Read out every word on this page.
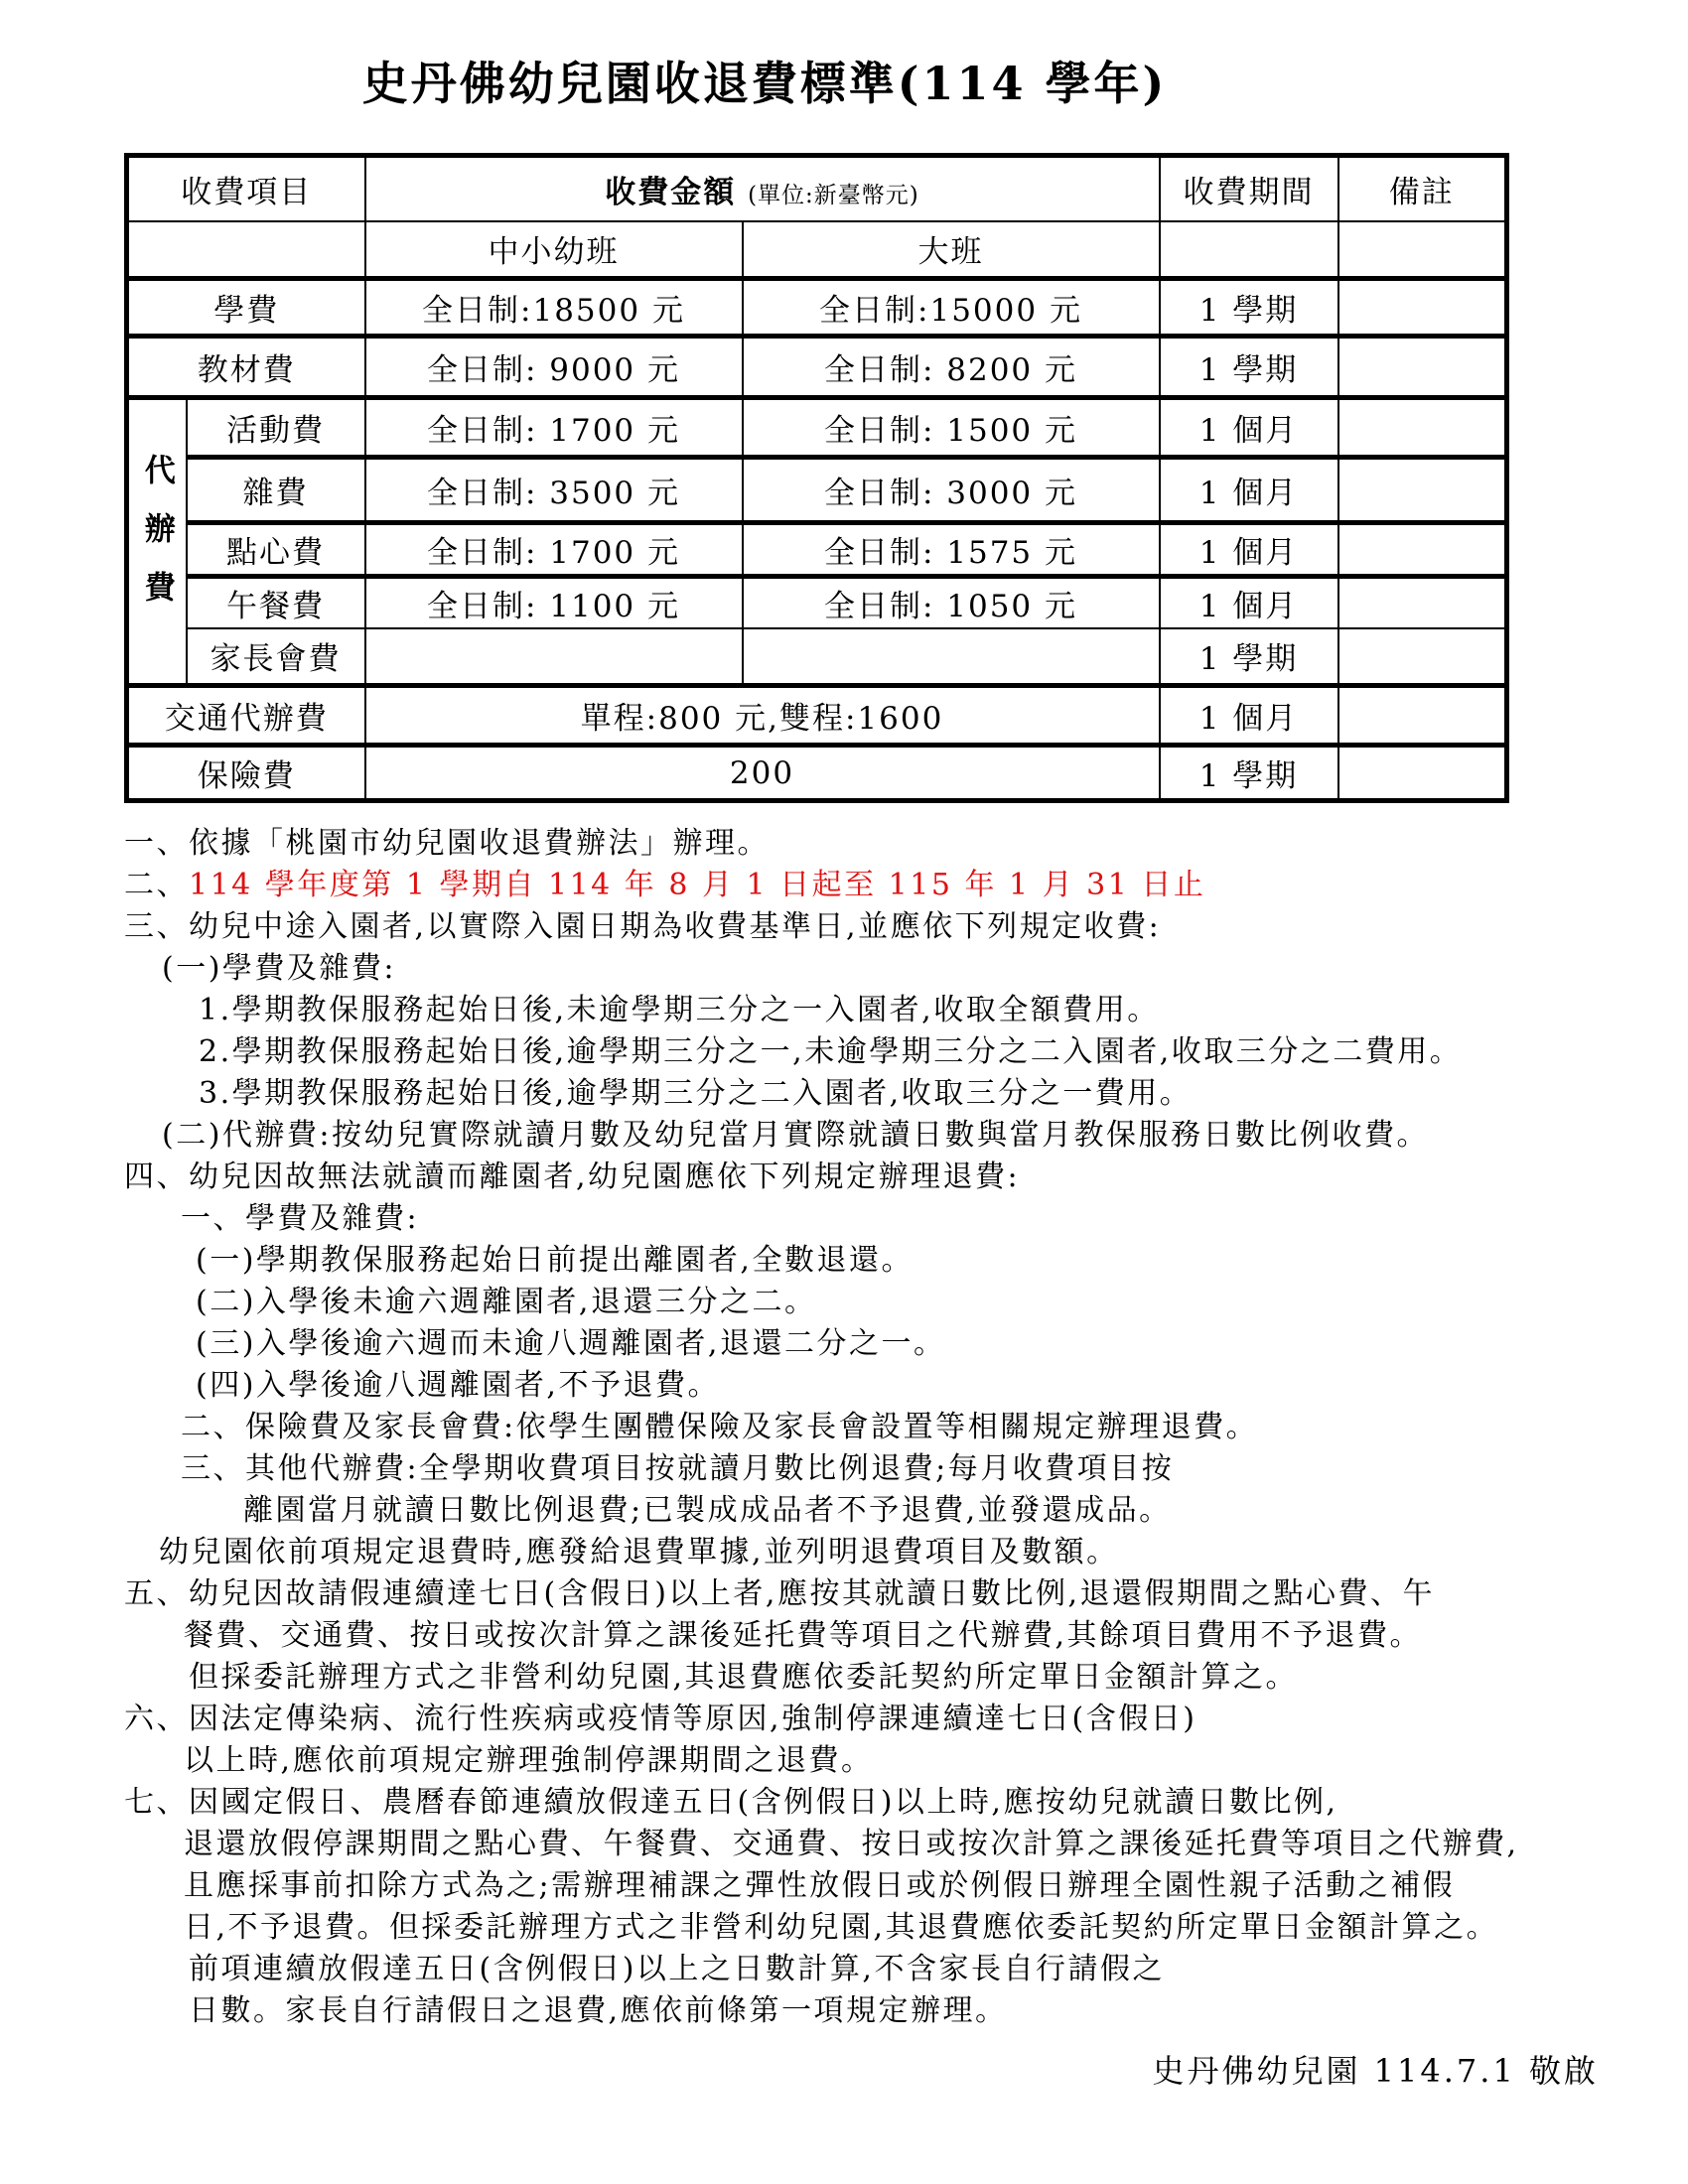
史丹佛幼兒園收退費標準(114 學年)
收費項目		收費金額 (單位:新臺幣元)		收費期間	備註
		中小幼班	大班		
學費		全日制:18500 元	全日制:15000 元	1 學期	
教材費		全日制: 9000 元	全日制: 8200 元	1 學期	

代辦費	活動費	全日制: 1700 元	全日制: 1500 元	1 個月	
	雜費	全日制: 3500 元	全日制: 3000 元	1 個月	
	點心費	全日制: 1700 元	全日制: 1575 元	1 個月	
	午餐費	全日制: 1100 元	全日制: 1050 元	1 個月	
	家長會費			1 學期	
交通代辦費		單程:800 元,雙程:1600		1 個月	
保險費		200		1 學期	
一、依據「桃園市幼兒園收退費辦法」辦理。
二、114 學年度第 1 學期自 114 年 8 月 1 日起至 115 年 1 月 31 日止
三、幼兒中途入園者,以實際入園日期為收費基準日,並應依下列規定收費:
(一)學費及雜費:
1.學期教保服務起始日後,未逾學期三分之一入園者,收取全額費用。
2.學期教保服務起始日後,逾學期三分之一,未逾學期三分之二入園者,收取三分之二費用。
3.學期教保服務起始日後,逾學期三分之二入園者,收取三分之一費用。
(二)代辦費:按幼兒實際就讀月數及幼兒當月實際就讀日數與當月教保服務日數比例收費。
四、幼兒因故無法就讀而離園者,幼兒園應依下列規定辦理退費:
一、學費及雜費:
(一)學期教保服務起始日前提出離園者,全數退還。
(二)入學後未逾六週離園者,退還三分之二。
(三)入學後逾六週而未逾八週離園者,退還二分之一。
(四)入學後逾八週離園者,不予退費。
二、保險費及家長會費:依學生團體保險及家長會設置等相關規定辦理退費。
三、其他代辦費:全學期收費項目按就讀月數比例退費;每月收費項目按
離園當月就讀日數比例退費;已製成成品者不予退費,並發還成品。
幼兒園依前項規定退費時,應發給退費單據,並列明退費項目及數額。
五、幼兒因故請假連續達七日(含假日)以上者,應按其就讀日數比例,退還假期間之點心費、午
餐費、交通費、按日或按次計算之課後延托費等項目之代辦費,其餘項目費用不予退費。
但採委託辦理方式之非營利幼兒園,其退費應依委託契約所定單日金額計算之。
六、因法定傳染病、流行性疾病或疫情等原因,強制停課連續達七日(含假日)
以上時,應依前項規定辦理強制停課期間之退費。
七、因國定假日、農曆春節連續放假達五日(含例假日)以上時,應按幼兒就讀日數比例,
退還放假停課期間之點心費、午餐費、交通費、按日或按次計算之課後延托費等項目之代辦費,
且應採事前扣除方式為之;需辦理補課之彈性放假日或於例假日辦理全園性親子活動之補假
日,不予退費。但採委託辦理方式之非營利幼兒園,其退費應依委託契約所定單日金額計算之。
前項連續放假達五日(含例假日)以上之日數計算,不含家長自行請假之
日數。家長自行請假日之退費,應依前條第一項規定辦理。
史丹佛幼兒園 114.7.1 敬啟
